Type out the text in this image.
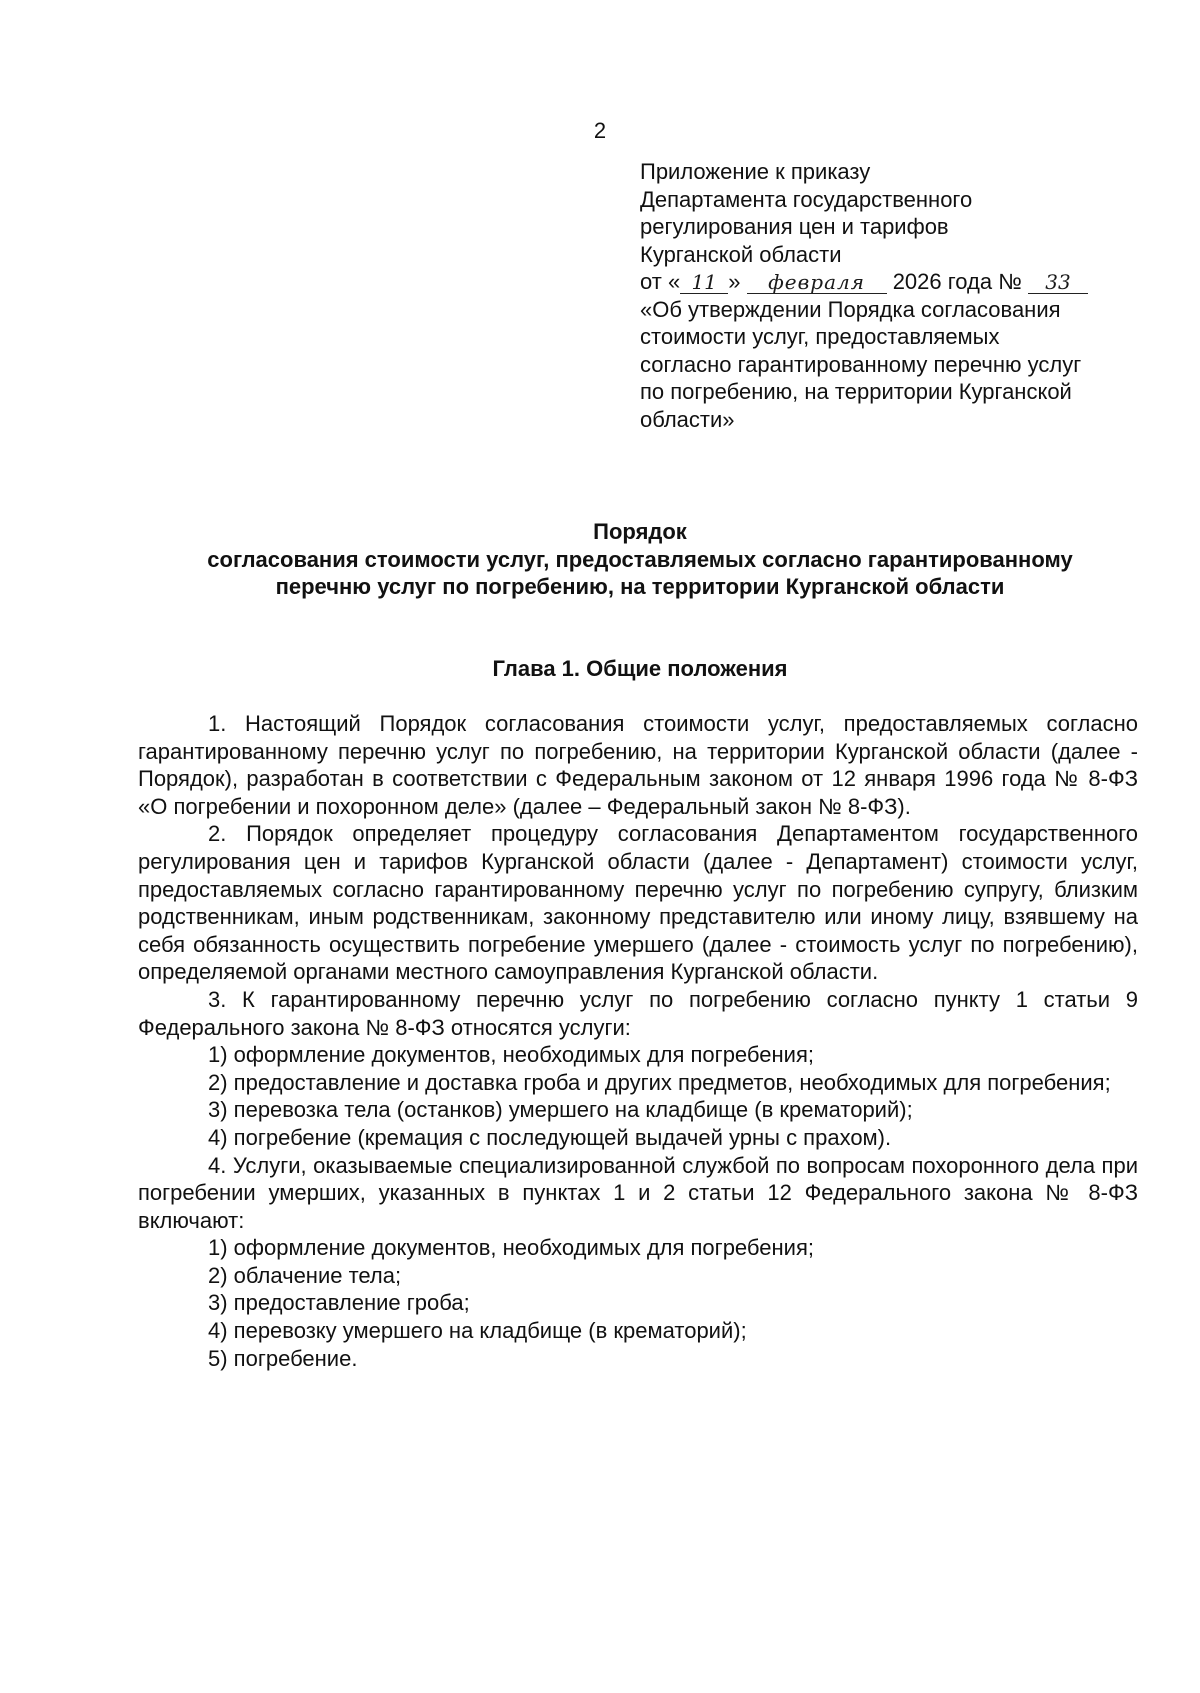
2
Приложение к приказу
Департамента государственного
регулирования цен и тарифов
Курганской области
от « 11 » февраля 2026 года № 33
«Об утверждении Порядка согласования
стоимости услуг, предоставляемых
согласно гарантированному перечню услуг
по погребению, на территории Курганской
области»
Порядок
согласования стоимости услуг, предоставляемых согласно гарантированному
перечню услуг по погребению, на территории Курганской области
Глава 1. Общие положения

1. Настоящий Порядок согласования стоимости услуг, предоставляемых согласно гарантированному перечню услуг по погребению, на территории Курганской области (далее - Порядок), разработан в соответствии с Федеральным законом от 12 января 1996 года № 8-ФЗ «О погребении и похоронном деле» (далее – Федеральный закон № 8-ФЗ).

2. Порядок определяет процедуру согласования Департаментом государственного регулирования цен и тарифов Курганской области (далее - Департамент) стоимости услуг, предоставляемых согласно гарантированному перечню услуг по погребению супругу, близким родственникам, иным родственникам, законному представителю или иному лицу, взявшему на себя обязанность осуществить погребение умершего (далее - стоимость услуг по погребению), определяемой органами местного самоуправления Курганской области.

3. К гарантированному перечню услуг по погребению согласно пункту 1 статьи 9 Федерального закона № 8-ФЗ относятся услуги:

1) оформление документов, необходимых для погребения;

2) предоставление и доставка гроба и других предметов, необходимых для погребения;

3) перевозка тела (останков) умершего на кладбище (в крематорий);

4) погребение (кремация с последующей выдачей урны с прахом).

4. Услуги, оказываемые специализированной службой по вопросам похоронного дела при погребении умерших, указанных в пунктах 1 и 2 статьи 12 Федерального закона № 8-ФЗ включают:

1) оформление документов, необходимых для погребения;

2) облачение тела;

3) предоставление гроба;

4) перевозку умершего на кладбище (в крематорий);

5) погребение.
